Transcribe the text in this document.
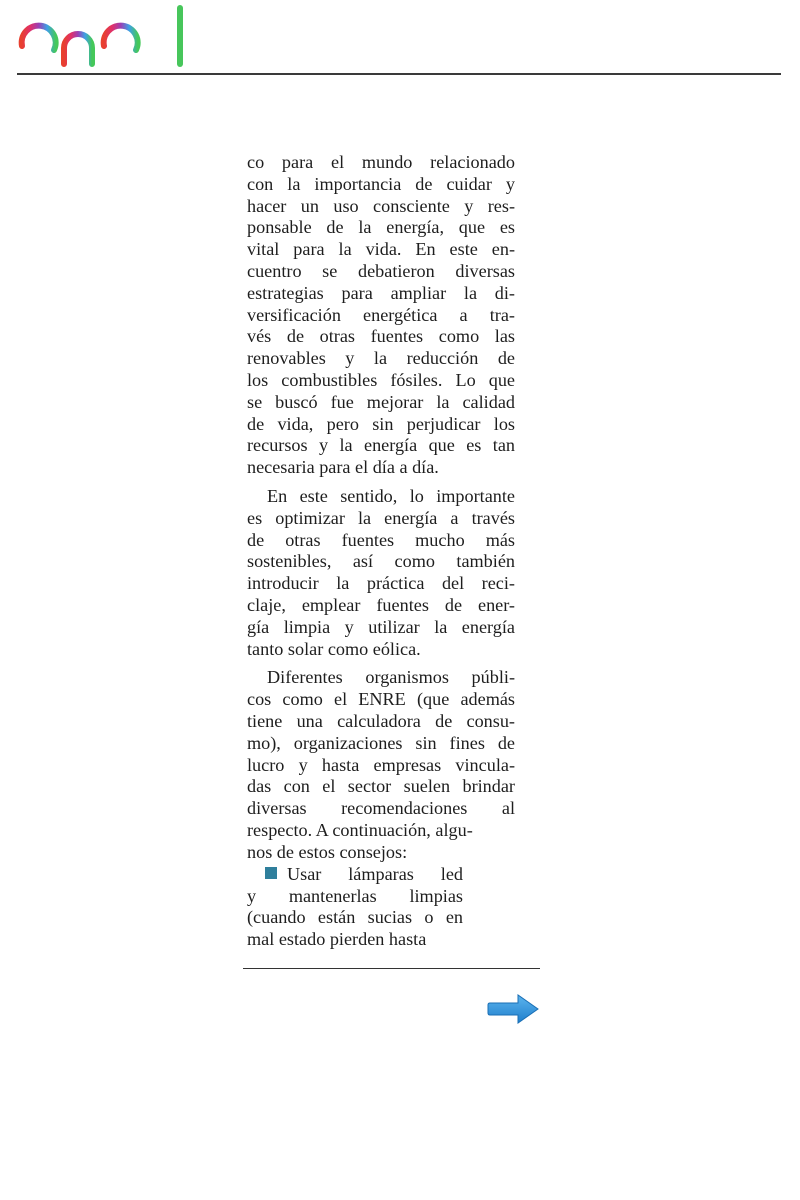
co para el mundo relacionado
con la importancia de cuidar y
hacer un uso consciente y res-
ponsable de la energía, que es
vital para la vida. En este en-
cuentro se debatieron diversas
estrategias para ampliar la di-
versificación energética a tra-
vés de otras fuentes como las
renovables y la reducción de
los combustibles fósiles. Lo que
se buscó fue mejorar la calidad
de vida, pero sin perjudicar los
recursos y la energía que es tan
necesaria para el día a día.

En este sentido, lo importante
es optimizar la energía a través
de otras fuentes mucho más
sostenibles, así como también
introducir la práctica del reci-
claje, emplear fuentes de ener-
gía limpia y utilizar la energía
tanto solar como eólica.

Diferentes organismos públi-
cos como el ENRE (que además
tiene una calculadora de consu-
mo), organizaciones sin fines de
lucro y hasta empresas vincula-
das con el sector suelen brindar
diversas recomendaciones al
respecto. A continuación, algu-

nos de estos consejos:
Usar lámparas led
y mantenerlas limpias
(cuando están sucias o en
mal estado pierden hasta
